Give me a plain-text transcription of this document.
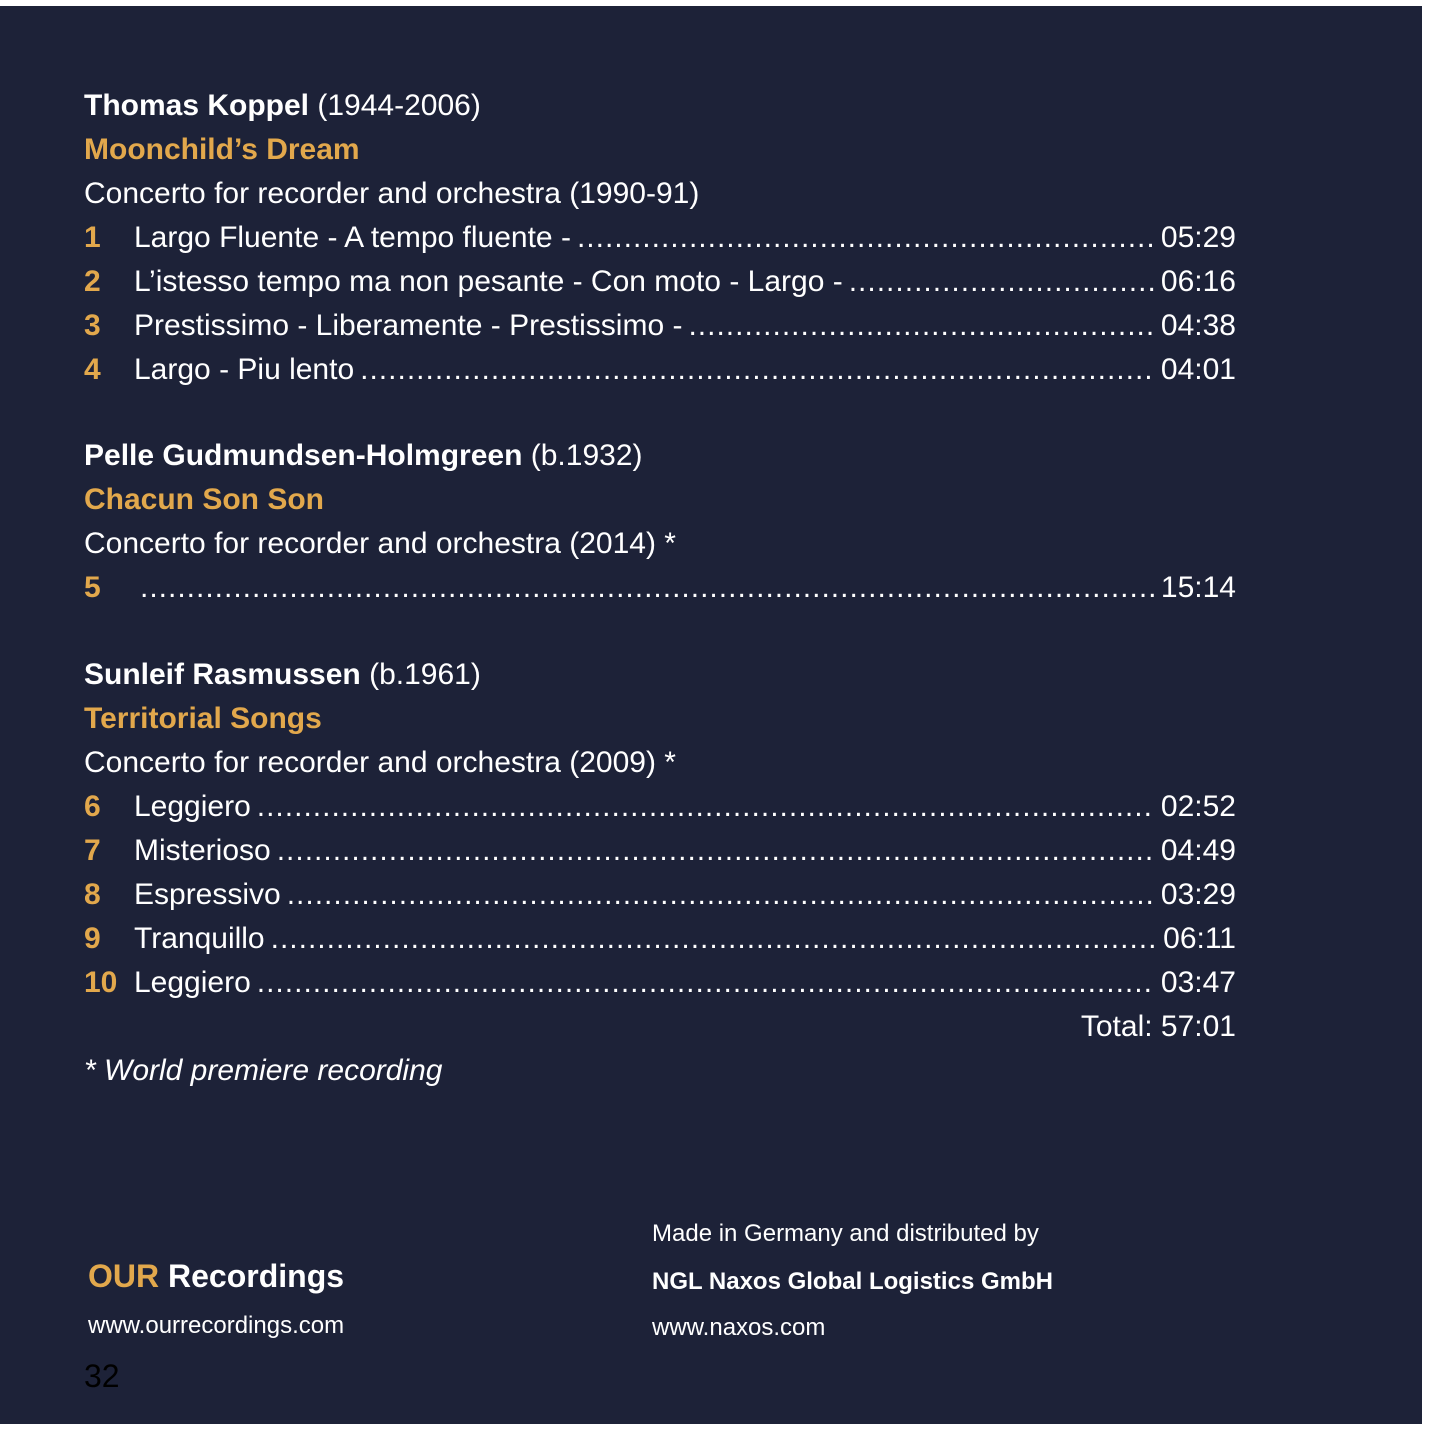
Thomas Koppel (1944-2006)
Moonchild’s Dream
Concerto for recorder and orchestra (1990-91)
1	Largo Fluente - A tempo fluente - .....	05:29
2	L’istesso tempo ma non pesante - Con moto - Largo - .....	06:16
3	Prestissimo - Liberamente - Prestissimo - .....	04:38
4	Largo - Piu lento .....	04:01
Pelle Gudmundsen-Holmgreen (b.1932)
Chacun Son Son
Concerto for recorder and orchestra (2014) *
5 .....	15:14
Sunleif Rasmussen (b.1961)
Territorial Songs
Concerto for recorder and orchestra (2009) *
6	Leggiero .....	02:52
7	Misterioso .....	04:49
8	Espressivo .....	03:29
9	Tranquillo .....	06:11
10 Leggiero .....	03:47
Total: 57:01
* World premiere recording
OUR Recordings
www.ourrecordings.com
Made in Germany and distributed by
NGL Naxos Global Logistics GmbH
www.naxos.com
32
